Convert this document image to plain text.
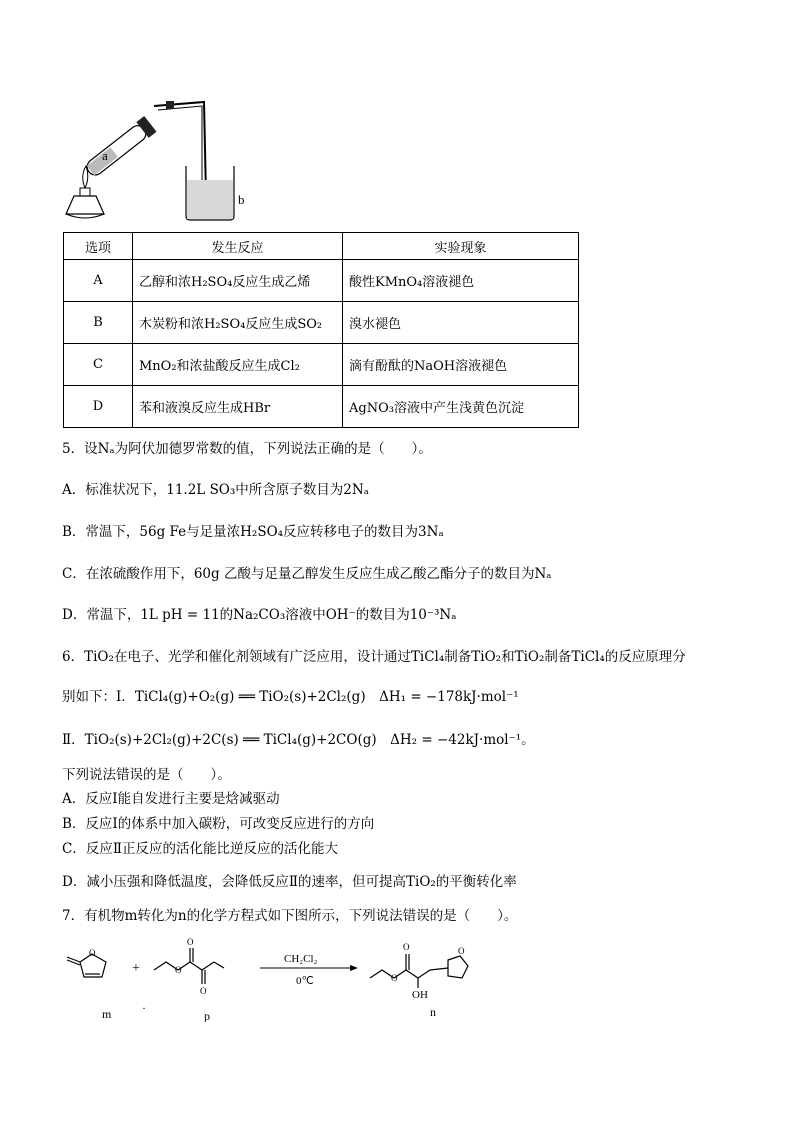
a
b
选项	发生反应	实验现象
A	乙醇和浓H₂SO₄反应生成乙烯	酸性KMnO₄溶液褪色
B	木炭粉和浓H₂SO₄反应生成SO₂	溴水褪色
C	MnO₂和浓盐酸反应生成Cl₂	滴有酚酞的NaOH溶液褪色
D	苯和液溴反应生成HBr	AgNO₃溶液中产生浅黄色沉淀
5．设Nₐ为阿伏加德罗常数的值，下列说法正确的是（　　）。
A．标准状况下，11.2L SO₃中所含原子数目为2Nₐ
B．常温下，56g Fe与足量浓H₂SO₄反应转移电子的数目为3Nₐ
C．在浓硫酸作用下，60g 乙酸与足量乙醇发生反应生成乙酸乙酯分子的数目为Nₐ
D．常温下，1L pH = 11的Na₂CO₃溶液中OH⁻的数目为10⁻³Nₐ
6．TiO₂在电子、光学和催化剂领域有广泛应用，设计通过TiCl₄制备TiO₂和TiO₂制备TiCl₄的反应原理分
别如下：Ⅰ．TiCl₄(g)+O₂(g) ══ TiO₂(s)+2Cl₂(g)　ΔH₁ = −178kJ·mol⁻¹
Ⅱ．TiO₂(s)+2Cl₂(g)+2C(s) ══ TiCl₄(g)+2CO(g)　ΔH₂ = −42kJ·mol⁻¹。
下列说法错误的是（　　）。
A．反应Ⅰ能自发进行主要是焓减驱动
B．反应Ⅰ的体系中加入碳粉，可改变反应进行的方向
C．反应Ⅱ正反应的活化能比逆反应的活化能大
D．减小压强和降低温度，会降低反应Ⅱ的速率，但可提高TiO₂的平衡转化率
7．有机物m转化为n的化学方程式如下图所示，下列说法错误的是（　　）。
O
+
O
O
O
CH₂Cl₂
0℃
O
O
O
OH
m	·
p	n
